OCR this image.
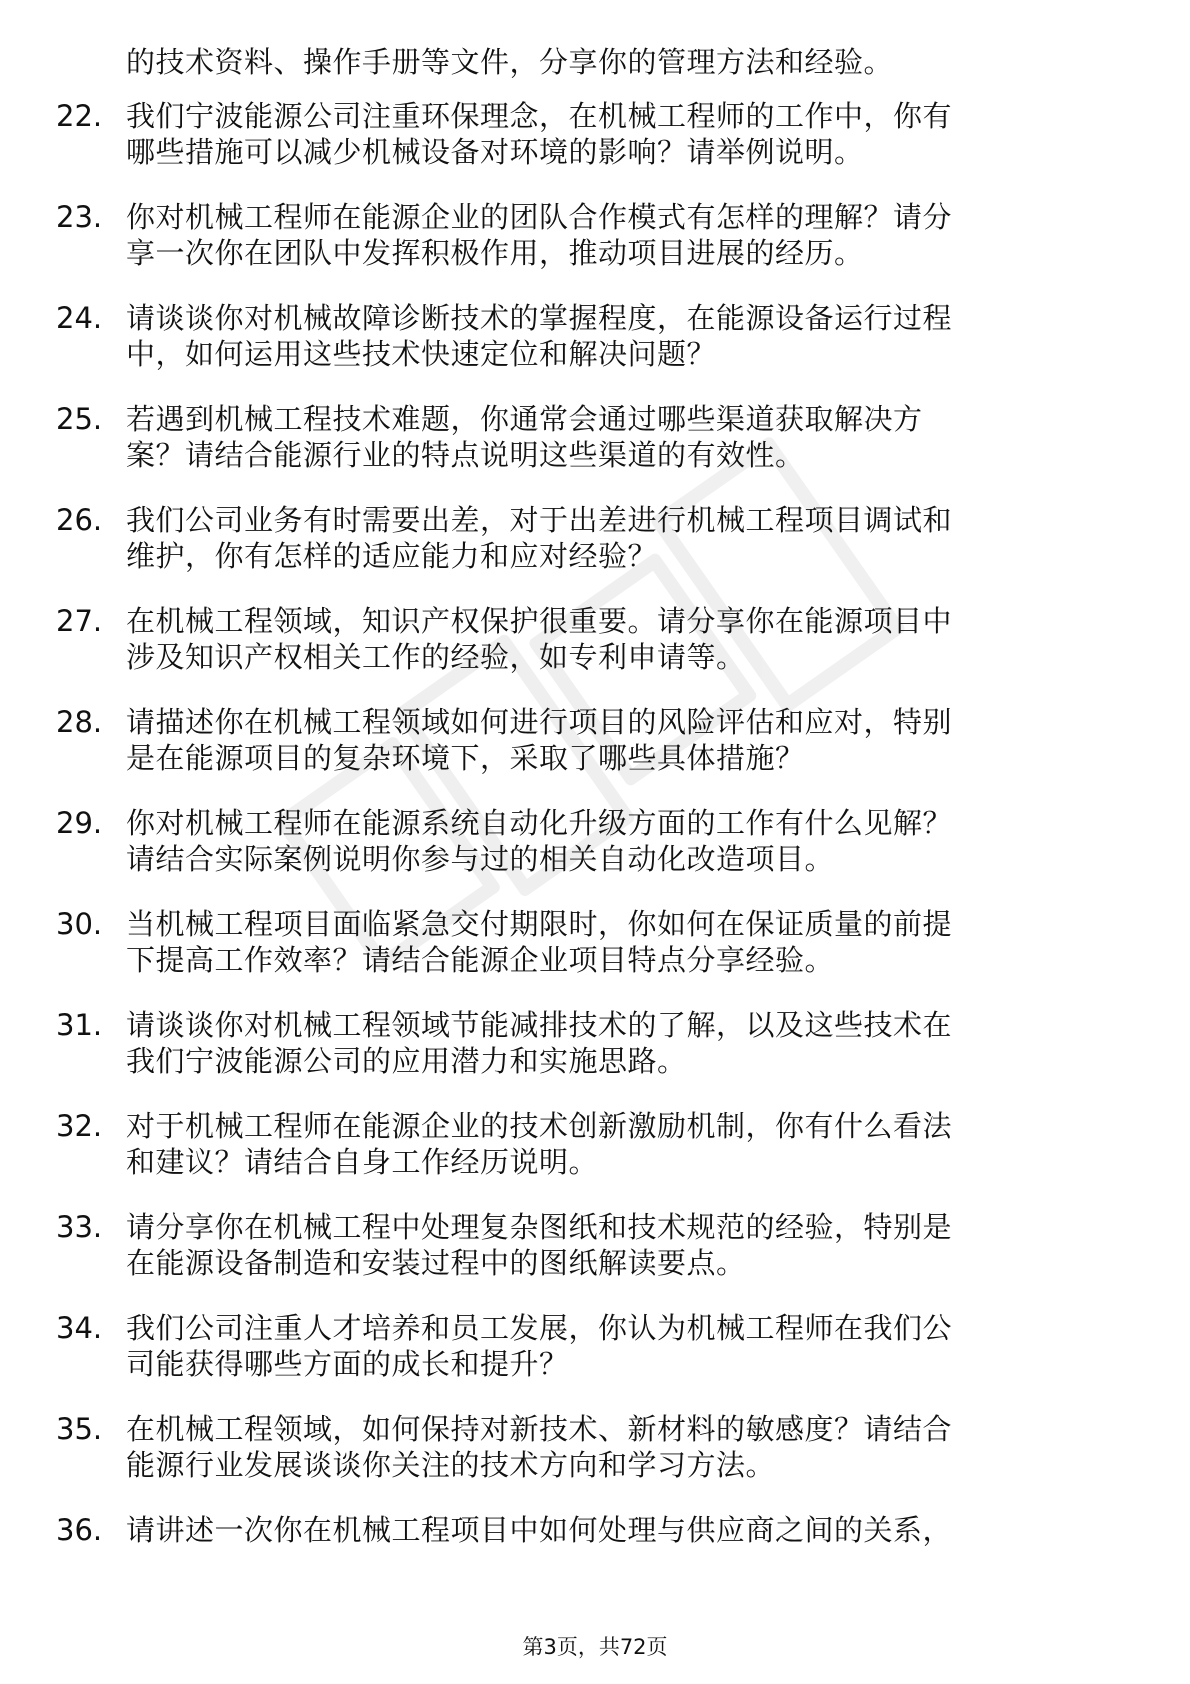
的技术资料、操作手册等文件，分享你的管理方法和经验。
22. 我们宁波能源公司注重环保理念，在机械工程师的工作中，你有
哪些措施可以减少机械设备对环境的影响？请举例说明。
23. 你对机械工程师在能源企业的团队合作模式有怎样的理解？请分
享一次你在团队中发挥积极作用，推动项目进展的经历。
24. 请谈谈你对机械故障诊断技术的掌握程度，在能源设备运行过程
中，如何运用这些技术快速定位和解决问题？
25. 若遇到机械工程技术难题，你通常会通过哪些渠道获取解决方
案？请结合能源行业的特点说明这些渠道的有效性。
26. 我们公司业务有时需要出差，对于出差进行机械工程项目调试和
维护，你有怎样的适应能力和应对经验？
27. 在机械工程领域，知识产权保护很重要。请分享你在能源项目中
涉及知识产权相关工作的经验，如专利申请等。
28. 请描述你在机械工程领域如何进行项目的风险评估和应对，特别
是在能源项目的复杂环境下，采取了哪些具体措施？
29. 你对机械工程师在能源系统自动化升级方面的工作有什么见解？
请结合实际案例说明你参与过的相关自动化改造项目。
30. 当机械工程项目面临紧急交付期限时，你如何在保证质量的前提
下提高工作效率？请结合能源企业项目特点分享经验。
31. 请谈谈你对机械工程领域节能减排技术的了解，以及这些技术在
我们宁波能源公司的应用潜力和实施思路。
32. 对于机械工程师在能源企业的技术创新激励机制，你有什么看法
和建议？请结合自身工作经历说明。
33. 请分享你在机械工程中处理复杂图纸和技术规范的经验，特别是
在能源设备制造和安装过程中的图纸解读要点。
34. 我们公司注重人才培养和员工发展，你认为机械工程师在我们公
司能获得哪些方面的成长和提升？
35. 在机械工程领域，如何保持对新技术、新材料的敏感度？请结合
能源行业发展谈谈你关注的技术方向和学习方法。
36. 请讲述一次你在机械工程项目中如何处理与供应商之间的关系，
第3页，共72页
